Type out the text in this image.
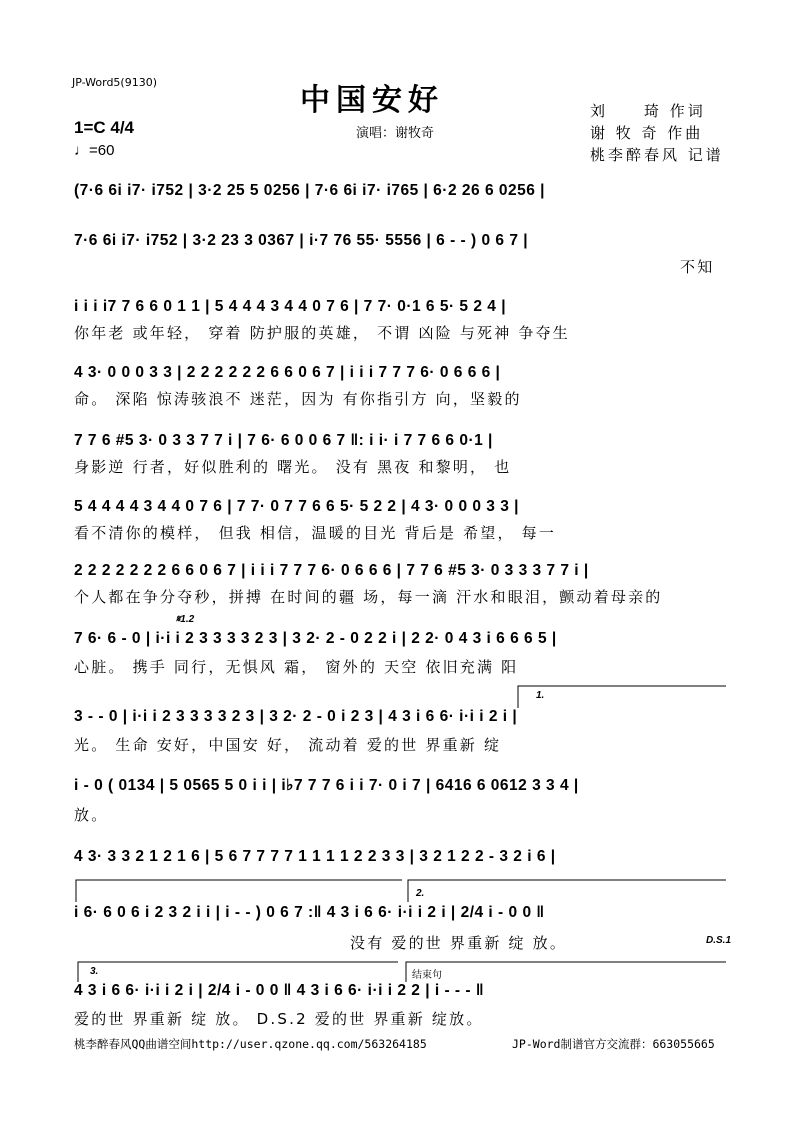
JP-Word5(9130)
中国安好
演唱：谢牧奇
刘　　琦 作词
谢 牧 奇 作曲
桃李醉春风 记谱
1=C 4/4
♩=60
(7·6 6i i7· i752 | 3·2 25 5 0256 | 7·6 6i i7· i765 | 6·2 26 6 0256 |
7·6 6i i7· i752 | 3·2 23 3 0367 | i·7 76 55· 5556 | 6 - - ) 0 6 7 |
不知
i i i i7 7 6 6 0 1 1 | 5 4 4 4 3 4 4 0 7 6 | 7 7· 0·1 6 5· 5 2 4 |
你年老 或年轻， 穿着 防护服的英雄， 不谓 凶险 与死神 争夺生
4 3· 0 0 0 3 3 | 2 2 2 2 2 2 6 6 0 6 7 | i i i 7 7 7 6· 0 6 6 6 |
命。 深陷 惊涛骇浪不 迷茫，因为 有你指引方 向，坚毅的
7 7 6 #5 3· 0 3 3 7 7 i | 7 6· 6 0 0 6 7 ‖: i i· i 7 7 6 6 0·1 |
身影逆 行者，好似胜利的 曙光。 没有 黑夜 和黎明， 也
5 4 4 4 4 3 4 4 0 7 6 | 7 7· 0 7 7 6 6 5· 5 2 2 | 4 3· 0 0 0 3 3 |
看不清你的模样， 但我 相信，温暖的目光 背后是 希望， 每一
2 2 2 2 2 2 2 6 6 0 6 7 | i i i 7 7 7 6· 0 6 6 6 | 7 7 6 #5 3· 0 3 3 3 7 7 i |
个人都在争分夺秒，拼搏 在时间的疆 场，每一滴 汗水和眼泪，颤动着母亲的
𝄋1.2
7 6· 6 - 0 | i·i i 2 3 3 3 3 2 3 | 3 2· 2 - 0 2 2 i | 2 2· 0 4 3 i 6 6 6 5 |
心脏。 携手 同行，无惧风 霜， 窗外的 天空 依旧充满 阳
1.
3 - - 0 | i·i i 2 3 3 3 3 2 3 | 3 2· 2 - 0 i 2 3 | 4 3 i 6 6· i·i i 2 i |
光。 生命 安好，中国安 好， 流动着 爱的世 界重新 绽
i - 0 ( 0134 | 5 0565 5 0 i i | i♭7 7 7 6 i i 7· 0 i 7 | 6416 6 0612 3 3 4 |
放。
4 3· 3 3 2 1 2 1 6 | 5 6 7 7 7 7 1 1 1 1 2 2 3 3 | 3 2 1 2 2 - 3 2 i 6 |
2.
i 6· 6 0 6 i 2 3 2 i i | i - - ) 0 6 7 :‖ 4 3 i 6 6· i·i i 2 i | 2/4 i - 0 0 ‖
没有 爱的世 界重新 绽 放。	D.S.1
3.	结束句
4 3 i 6 6· i·i i 2 i | 2/4 i - 0 0 ‖ 4 3 i 6 6· i·i i 2 2 | i - - - ‖
爱的世 界重新 绽 放。 D.S.2 爱的世 界重新 绽放。
桃李醉春风QQ曲谱空间http://user.qzone.qq.com/563264185	JP-Word制谱官方交流群：663055665
